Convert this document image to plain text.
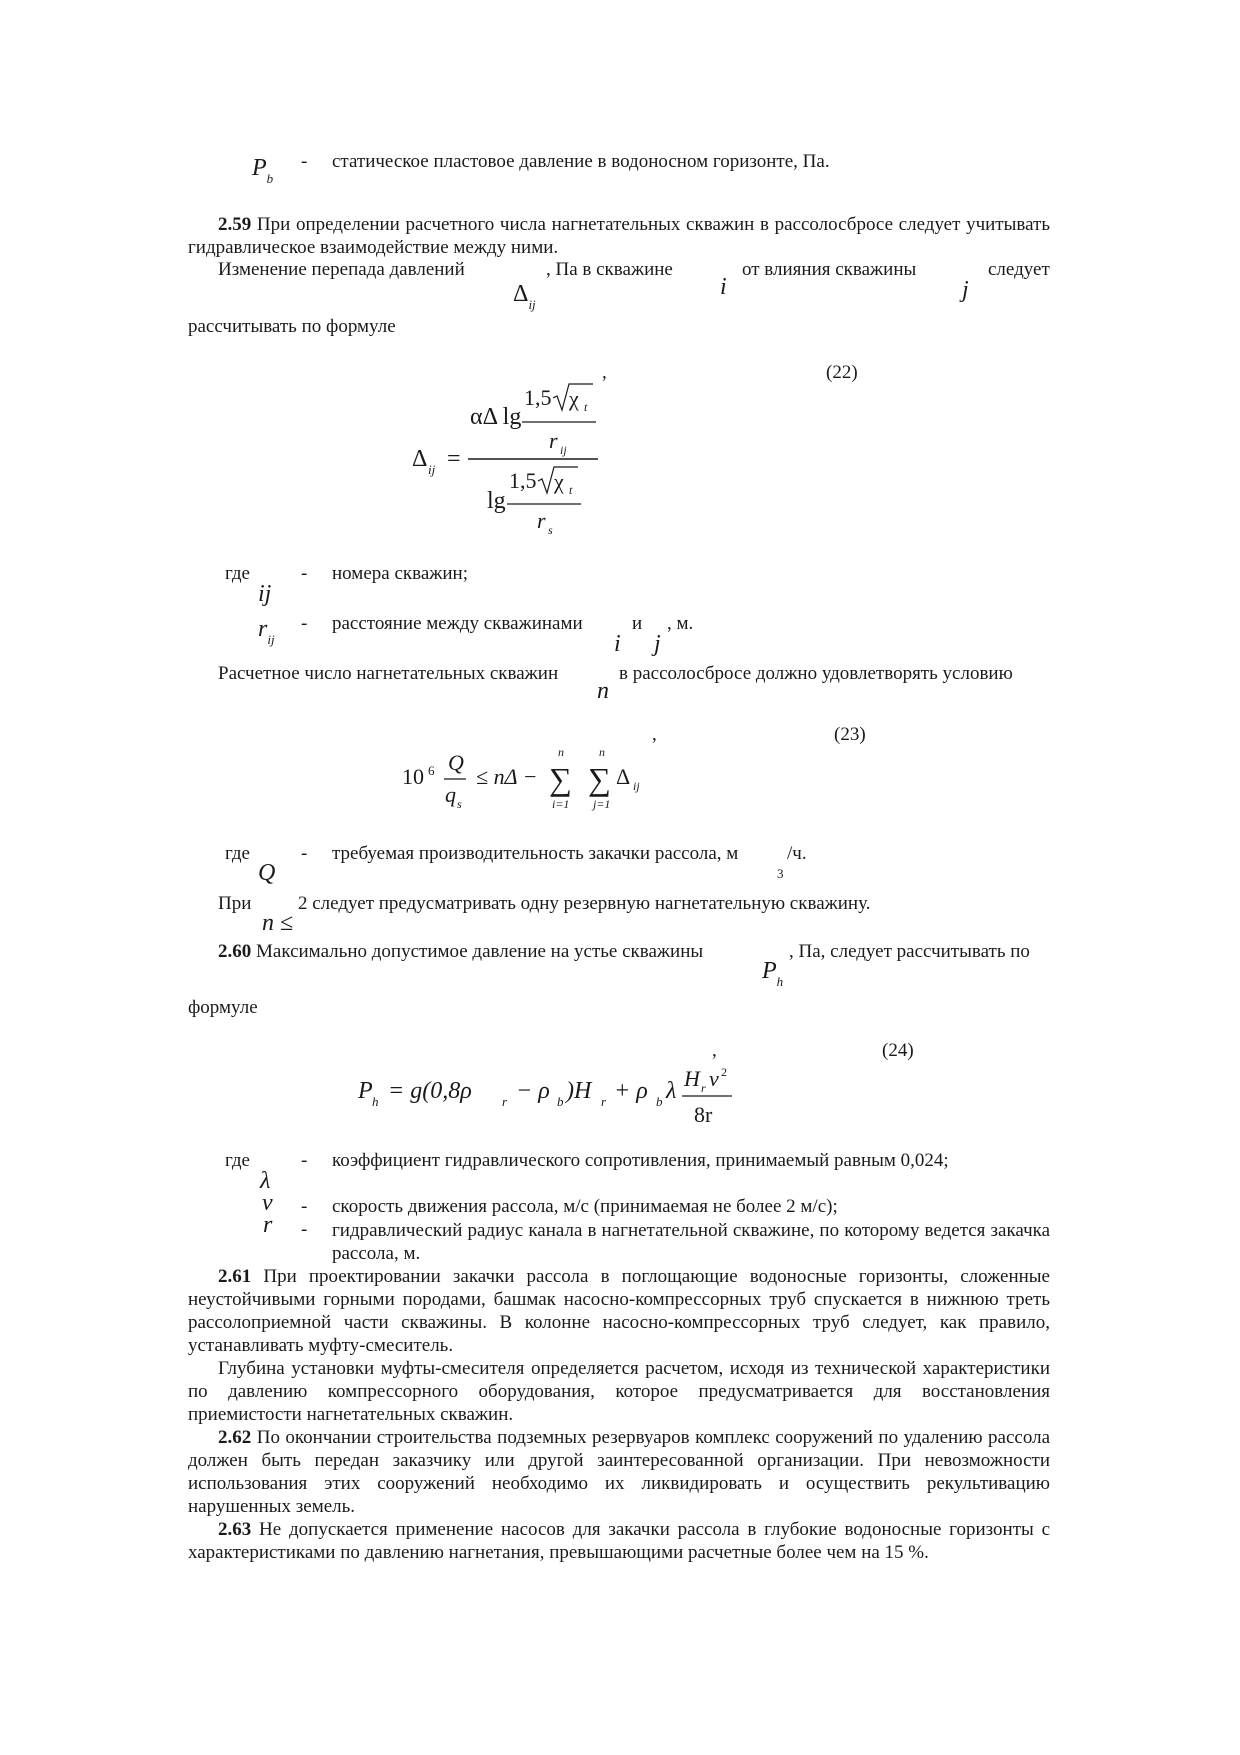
$P_b$
- статическое пластовое давление в водоносном горизонте, Па.
2.59 При определении расчетного числа нагнетательных скважин в рассолосбросе следует учитывать гидравлическое взаимодействие между ними.
Изменение перепада давлений	, Па в скважине	от влияния скважины	следует
$\Delta_{ij}$
i	j
рассчитывать по формуле
,	(22)
Δ ij =
αΔ lg
1,5 χ t
r ij
lg
1,5 χ t
r s
где
ij
- номера скважин;
$r_{ij}$
- расстояние между скважинами
i
и
j
, м.
Расчетное число нагнетательных скважин
n
в рассолосбросе должно удовлетворять условию
,	(23)
10 6 Q
q s
≤ nΔ −
n
∑
i=1
n
∑
j=1
Δ ij
где
Q
- требуемая производительность закачки рассола, м
3
/ч.
При
n ≤
2 следует предусматривать одну резервную нагнетательную скважину.
2.60 Максимально допустимое давление на устье скважины
$P_h$
, Па, следует рассчитывать по
формуле
,	(24)
P h = g(0,8ρ r − ρ b )H r + ρ b λ H r v 2
8r
где
λ
- коэффициент гидравлического сопротивления, принимаемый равным 0,024;
v - скорость движения рассола, м/с (принимаемая не более 2 м/с);
r - гидравлический радиус канала в нагнетательной скважине, по которому ведется закачка рассола, м.
2.61 При проектировании закачки рассола в поглощающие водоносные горизонты, сложенные неустойчивыми горными породами, башмак насосно-компрессорных труб спускается в нижнюю треть рассолоприемной части скважины. В колонне насосно-компрессорных труб следует, как правило, устанавливать муфту-смеситель.
Глубина установки муфты-смесителя определяется расчетом, исходя из технической характеристики по давлению компрессорного оборудования, которое предусматривается для восстановления приемистости нагнетательных скважин.
2.62 По окончании строительства подземных резервуаров комплекс сооружений по удалению рассола должен быть передан заказчику или другой заинтересованной организации. При невозможности использования этих сооружений необходимо их ликвидировать и осуществить рекультивацию нарушенных земель.
2.63 Не допускается применение насосов для закачки рассола в глубокие водоносные горизонты с характеристиками по давлению нагнетания, превышающими расчетные более чем на 15 %.
